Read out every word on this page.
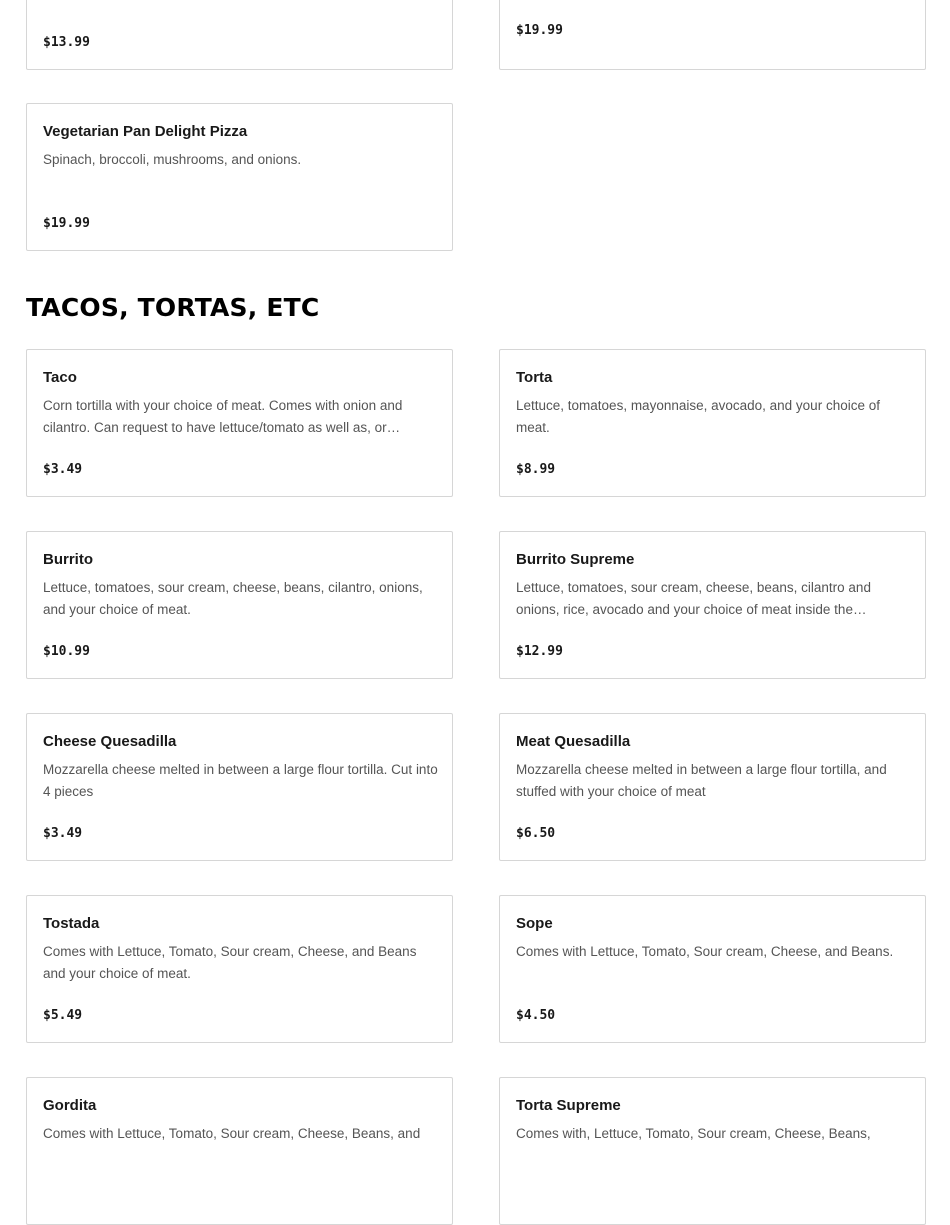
$13.99
$19.99
Vegetarian Pan Delight Pizza
Spinach, broccoli, mushrooms, and onions.
$19.99
TACOS, TORTAS, ETC
Taco
Corn tortilla with your choice of meat. Comes with onion and cilantro. Can request to have lettuce/tomato as well as, or…
$3.49
Torta
Lettuce, tomatoes, mayonnaise, avocado, and your choice of meat.
$8.99
Burrito
Lettuce, tomatoes, sour cream, cheese, beans, cilantro, onions, and your choice of meat.
$10.99
Burrito Supreme
Lettuce, tomatoes, sour cream, cheese, beans, cilantro and onions, rice, avocado and your choice of meat inside the…
$12.99
Cheese Quesadilla
Mozzarella cheese melted in between a large flour tortilla. Cut into 4 pieces
$3.49
Meat Quesadilla
Mozzarella cheese melted in between a large flour tortilla, and stuffed with your choice of meat
$6.50
Tostada
Comes with Lettuce, Tomato, Sour cream, Cheese, and Beans and your choice of meat.
$5.49
Sope
Comes with Lettuce, Tomato, Sour cream, Cheese, and Beans.
$4.50
Gordita
Comes with Lettuce, Tomato, Sour cream, Cheese, Beans, and
Torta Supreme
Comes with, Lettuce, Tomato, Sour cream, Cheese, Beans,
